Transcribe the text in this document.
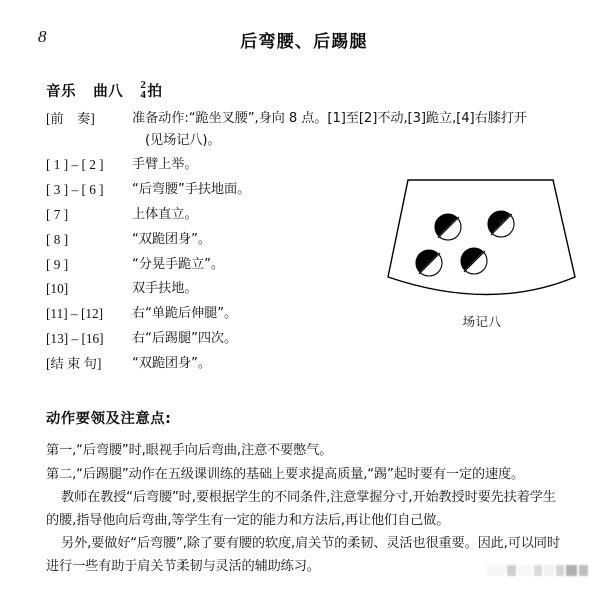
8	后弯腰、后踢腿
音乐 曲八 2
4 拍
[前　奏]	准备动作:“跪坐叉腰”,身向 8 点。[1]至[2]不动,[3]跪立,[4]右膝打开
(见场记八)。
[ 1 ] – [ 2 ]	手臂上举。
[ 3 ] – [ 6 ]	“后弯腰”手扶地面。
[ 7 ]	上体直立。
[ 8 ]	“双跪团身”。
[ 9 ]	“分晃手跪立”。
[10]	双手扶地。
[11] – [12]	右“单跪后伸腿”。
[13] – [16]	右“后踢腿”四次。
[结 束 句]	“双跪团身”。
场记八
动作要领及注意点:

第一,“后弯腰”时,眼视手向后弯曲,注意不要憋气。

第二,“后踢腿”动作在五级课训练的基础上要求提高质量,“踢”起时要有一定的速度。

教师在教授“后弯腰”时,要根据学生的不同条件,注意掌握分寸,开始教授时要先扶着学生的腰,指导他向后弯曲,等学生有一定的能力和方法后,再让他们自己做。

另外,要做好“后弯腰”,除了要有腰的软度,肩关节的柔韧、灵活也很重要。因此,可以同时进行一些有助于肩关节柔韧与灵活的辅助练习。
